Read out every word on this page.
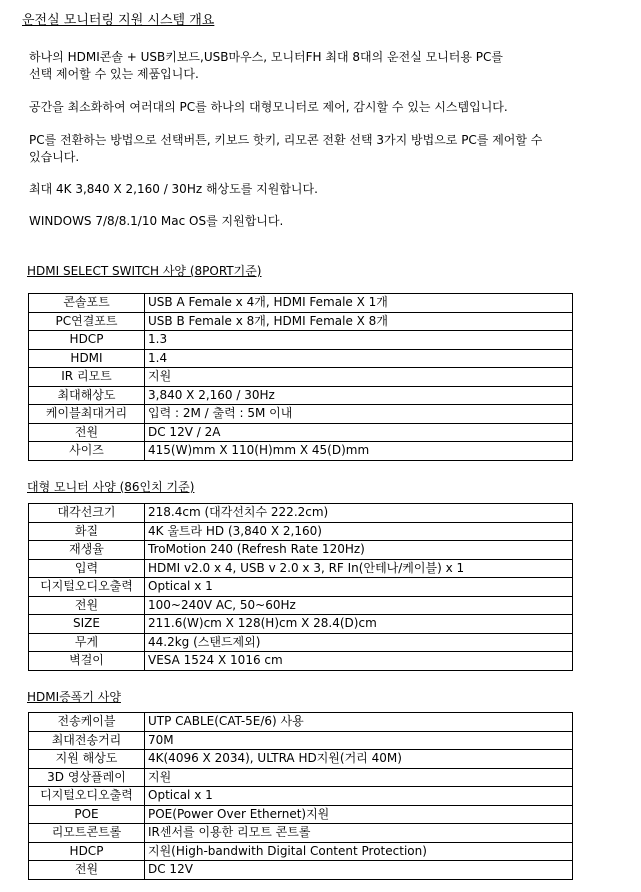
운전실 모니터링 지원 시스템 개요
하나의 HDMI콘솔 + USB키보드,USB마우스, 모니터FH 최대 8대의 운전실 모니터용 PC를
선택 제어할 수 있는 제품입니다.
공간을 최소화하여 여러대의 PC를 하나의 대형모니터로 제어, 감시할 수 있는 시스템입니다.
PC를 전환하는 방법으로 선택버튼, 키보드 핫키, 리모콘 전환 선택 3가지 방법으로 PC를 제어할 수
있습니다.
최대 4K 3,840 X 2,160 / 30Hz 해상도를 지원합니다.
WINDOWS 7/8/8.1/10 Mac OS를 지원합니다.
HDMI SELECT SWITCH 사양 (8PORT기준)
콘솔포트	USB A Female x 4개, HDMI Female X 1개
PC연결포트	USB B Female x 8개, HDMI Female X 8개
HDCP	1.3
HDMI	1.4
IR 리모트	지원
최대해상도	3,840 X 2,160 / 30Hz
케이블최대거리	입력 : 2M / 출력 : 5M 이내
전원	DC 12V / 2A
사이즈	415(W)mm X 110(H)mm X 45(D)mm
대형 모니터 사양 (86인치 기준)
대각선크기	218.4cm (대각선치수 222.2cm)
화질	4K 울트라 HD (3,840 X 2,160)
재생율	TroMotion 240 (Refresh Rate 120Hz)
입력	HDMI v2.0 x 4, USB v 2.0 x 3, RF In(안테나/케이블) x 1
디지털오디오출력	Optical x 1
전원	100~240V AC, 50~60Hz
SIZE	211.6(W)cm X 128(H)cm X 28.4(D)cm
무게	44.2kg (스탠드제외)
벽걸이	VESA 1524 X 1016 cm
HDMI증폭기 사양
전송케이블	UTP CABLE(CAT-5E/6) 사용
최대전송거리	70M
지원 해상도	4K(4096 X 2034), ULTRA HD지원(거리 40M)
3D 영상플레이	지원
디지털오디오출력	Optical x 1
POE	POE(Power Over Ethernet)지원
리모트콘트롤	IR센서를 이용한 리모트 콘트롤
HDCP	지원(High-bandwith Digital Content Protection)
전원	DC 12V
